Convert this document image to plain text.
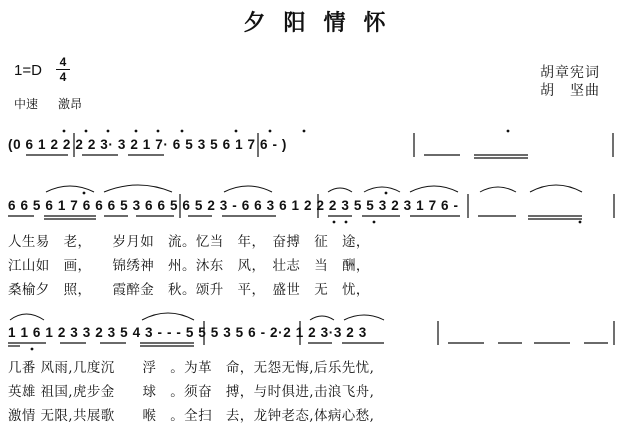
夕阳情怀
1=D	4
4
中速 激昂
胡章宪词
胡　坚曲
(0 6 1 2 2 2 2 3· 3 2 1 7· 6 5 3 5 6 1 7 6 - )
6 6 5 6 1 7 6 6 6 5 3 6 6 5 6 5 2 3 - 6 6 3 6 1 2 2 2 3 5 5 3 2 3 1 7 6 -
人生易　老，　　岁月如　流。忆当　年，　奋搏　征　途，
江山如　画，　　锦绣神　州。沐东　风，　壮志　当　酬，
桑榆夕　照，　　霞醉金　秋。颂升　平，　盛世　无　忧，
1 1 6 1 2 3 3 2 3 5 4 3 - - - 5 5 5 3 5 6 - 2·2 1 2 3·3 2 3
几番 风雨,几度沉　　浮　。为革　命，无怨无悔,后乐先忧,
英雄 祖国,虎步金　　球　。须奋　搏，与时俱进,击浪飞舟,
激情 无限,共展歌　　喉　。全扫　去，龙钟老态,体病心愁,
